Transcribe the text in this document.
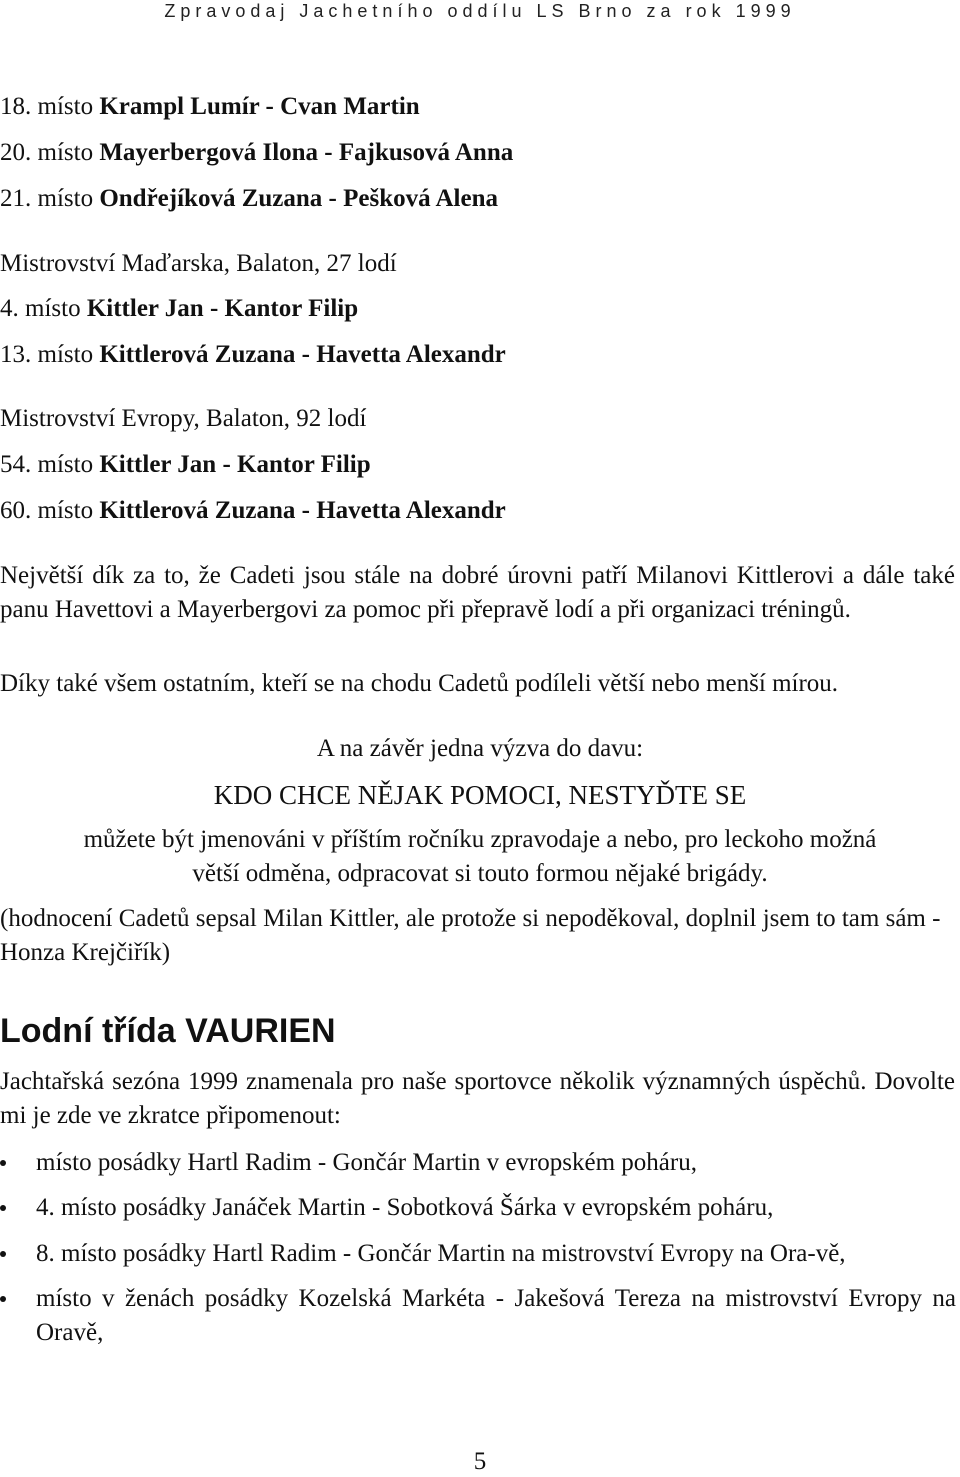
Zpravodaj Jachetního oddílu LS Brno za rok 1999
18. místo Krampl Lumír - Cvan Martin
20. místo Mayerbergová Ilona - Fajkusová Anna
21. místo Ondřejíková Zuzana - Pešková Alena
Mistrovství Maďarska, Balaton, 27 lodí
4. místo Kittler Jan - Kantor Filip
13. místo Kittlerová Zuzana - Havetta Alexandr
Mistrovství Evropy, Balaton, 92 lodí
54. místo Kittler Jan - Kantor Filip
60. místo Kittlerová Zuzana - Havetta Alexandr
Největší dík za to, že Cadeti jsou stále na dobré úrovni patří Milanovi Kittlerovi a dále také panu Havettovi a Mayerbergovi za pomoc při přepravě lodí a při organizaci tréningů.
Díky také všem ostatním, kteří se na chodu Cadetů podíleli větší nebo menší mírou.
A na závěr jedna výzva do davu:
KDO CHCE NĚJAK POMOCI, NESTYĎTE SE
můžete být jmenováni v příštím ročníku zpravodaje a nebo, pro leckoho možná
větší odměna, odpracovat si touto formou nějaké brigády.
(hodnocení Cadetů sepsal Milan Kittler, ale protože si nepoděkoval, doplnil jsem to tam sám - Honza Krejčiřík)
Lodní třída VAURIEN
Jachtařská sezóna 1999 znamenala pro naše sportovce několik významných úspěchů. Dovolte mi je zde ve zkratce připomenout:
místo posádky Hartl Radim - Gončár Martin v evropském poháru,
4. místo posádky Janáček Martin - Sobotková Šárka v evropském poháru,
8. místo posádky Hartl Radim - Gončár Martin na mistrovství Evropy na Ora-vě,
místo v ženách posádky Kozelská Markéta - Jakešová Tereza na mistrovství Evropy na Oravě,
5
